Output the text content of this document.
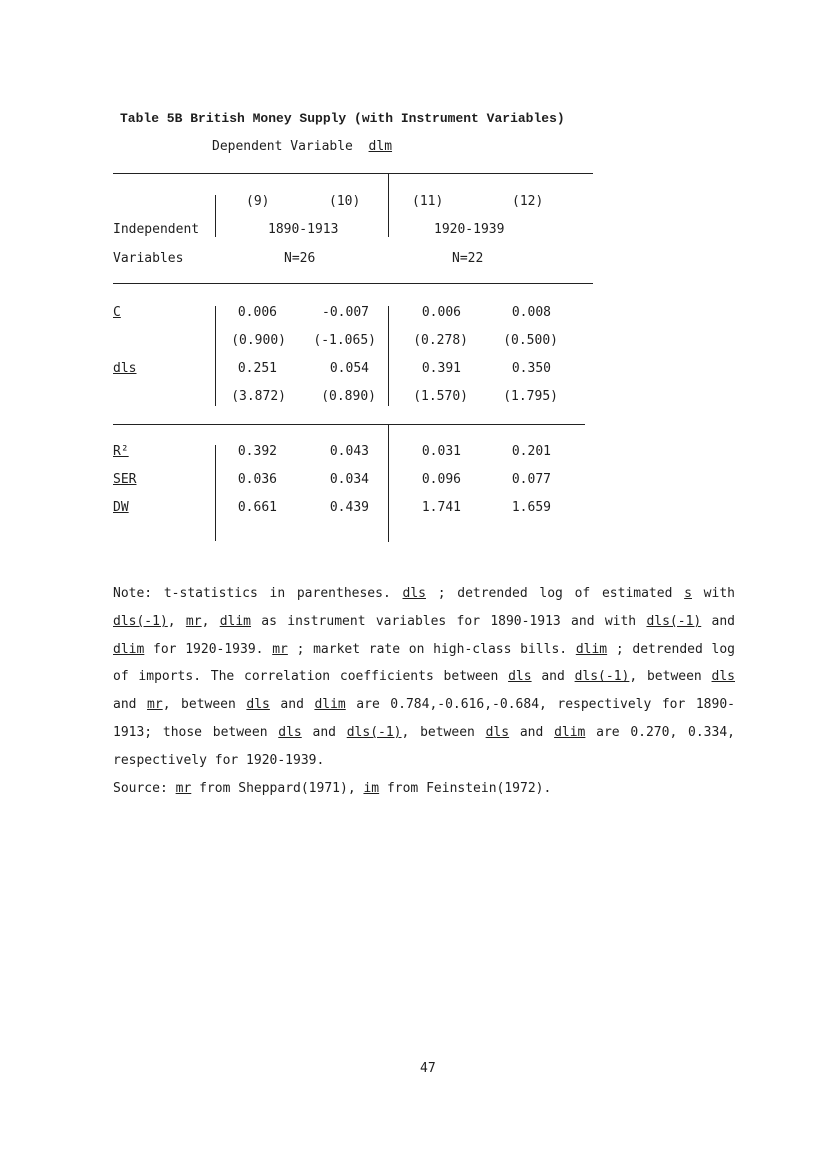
Table 5B British Money Supply (with Instrument Variables)
Dependent Variable dlm
(9)	(10)	(11)	(12)
Independent	1890-1913	1920-1939
Variables	N=26	N=22
C	0.006	-0.007	0.006	0.008
(0.900)	(-1.065)	(0.278)	(0.500)
dls	0.251	0.054	0.391	0.350
(3.872)	(0.890)	(1.570)	(1.795)
R²	0.392	0.043	0.031	0.201
SER	0.036	0.034	0.096	0.077
DW	0.661	0.439	1.741	1.659

Note: t-statistics in parentheses. dls ; detrended log of estimated s with dls(-1), mr, dlim as instrument variables for 1890-1913 and with dls(-1) and dlim for 1920-1939. mr ; market rate on high-class bills. dlim ; detrended log of imports. The correlation coefficients between dls and dls(-1), between dls and mr, between dls and dlim are 0.784,-0.616,-0.684, respectively for 1890-1913; those between dls and dls(-1), between dls and dlim are 0.270, 0.334, respectively for 1920-1939.

Source: mr from Sheppard(1971), im from Feinstein(1972).

47
